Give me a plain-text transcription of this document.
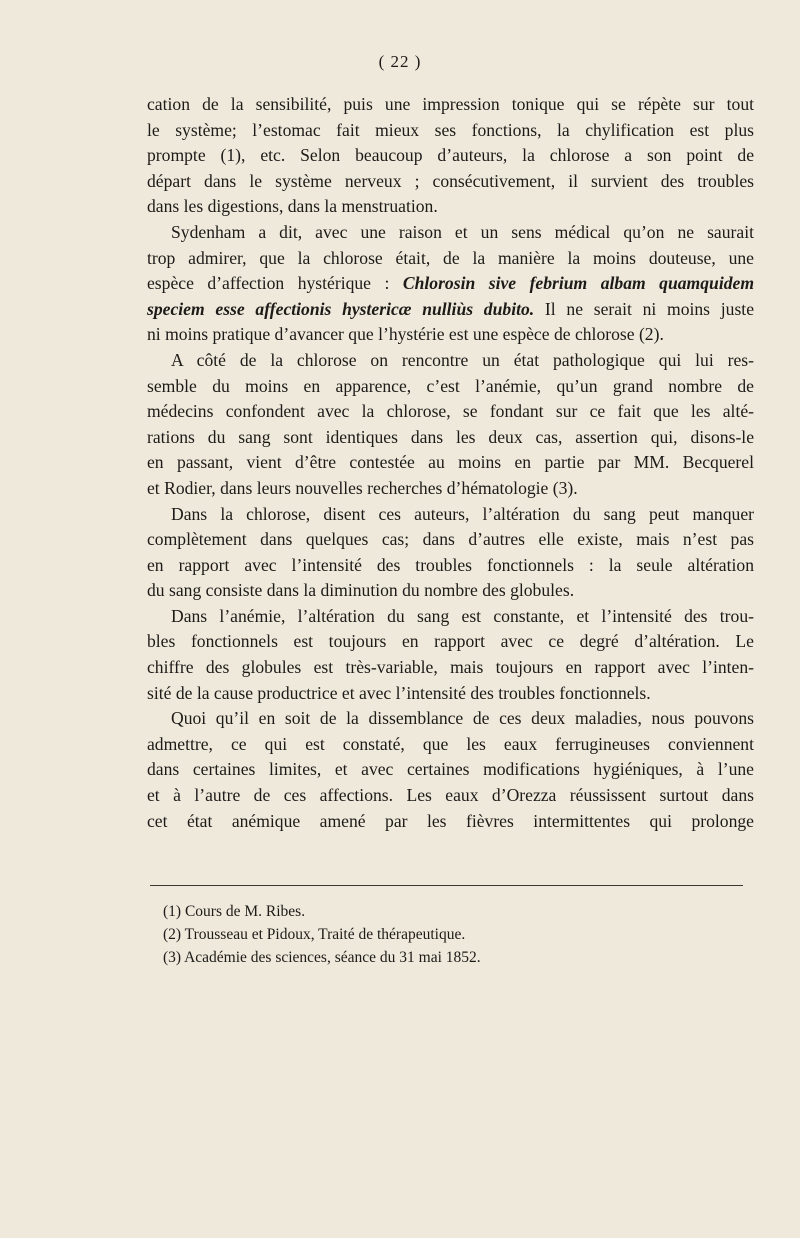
( 22 )
cation de la sensibilité, puis une impression tonique qui se répète sur tout
le système; l’estomac fait mieux ses fonctions, la chylification est plus
prompte (1), etc. Selon beaucoup d’auteurs, la chlorose a son point de
départ dans le système nerveux ; consécutivement, il survient des troubles
dans les digestions, dans la menstruation.
Sydenham a dit, avec une raison et un sens médical qu’on ne saurait
trop admirer, que la chlorose était, de la manière la moins douteuse, une
espèce d’affection hystérique : Chlorosin sive febrium albam quamquidem
speciem esse affectionis hystericæ nulliùs dubito. Il ne serait ni moins juste
ni moins pratique d’avancer que l’hystérie est une espèce de chlorose (2).
A côté de la chlorose on rencontre un état pathologique qui lui res-
semble du moins en apparence, c’est l’anémie, qu’un grand nombre de
médecins confondent avec la chlorose, se fondant sur ce fait que les alté-
rations du sang sont identiques dans les deux cas, assertion qui, disons-le
en passant, vient d’être contestée au moins en partie par MM. Becquerel
et Rodier, dans leurs nouvelles recherches d’hématologie (3).
Dans la chlorose, disent ces auteurs, l’altération du sang peut manquer
complètement dans quelques cas; dans d’autres elle existe, mais n’est pas
en rapport avec l’intensité des troubles fonctionnels : la seule altération
du sang consiste dans la diminution du nombre des globules.
Dans l’anémie, l’altération du sang est constante, et l’intensité des trou-
bles fonctionnels est toujours en rapport avec ce degré d’altération. Le
chiffre des globules est très-variable, mais toujours en rapport avec l’inten-
sité de la cause productrice et avec l’intensité des troubles fonctionnels.
Quoi qu’il en soit de la dissemblance de ces deux maladies, nous pouvons
admettre, ce qui est constaté, que les eaux ferrugineuses conviennent
dans certaines limites, et avec certaines modifications hygiéniques, à l’une
et à l’autre de ces affections. Les eaux d’Orezza réussissent surtout dans
cet état anémique amené par les fièvres intermittentes qui prolonge
(1) Cours de M. Ribes.
(2) Trousseau et Pidoux, Traité de thérapeutique.
(3) Académie des sciences, séance du 31 mai 1852.
